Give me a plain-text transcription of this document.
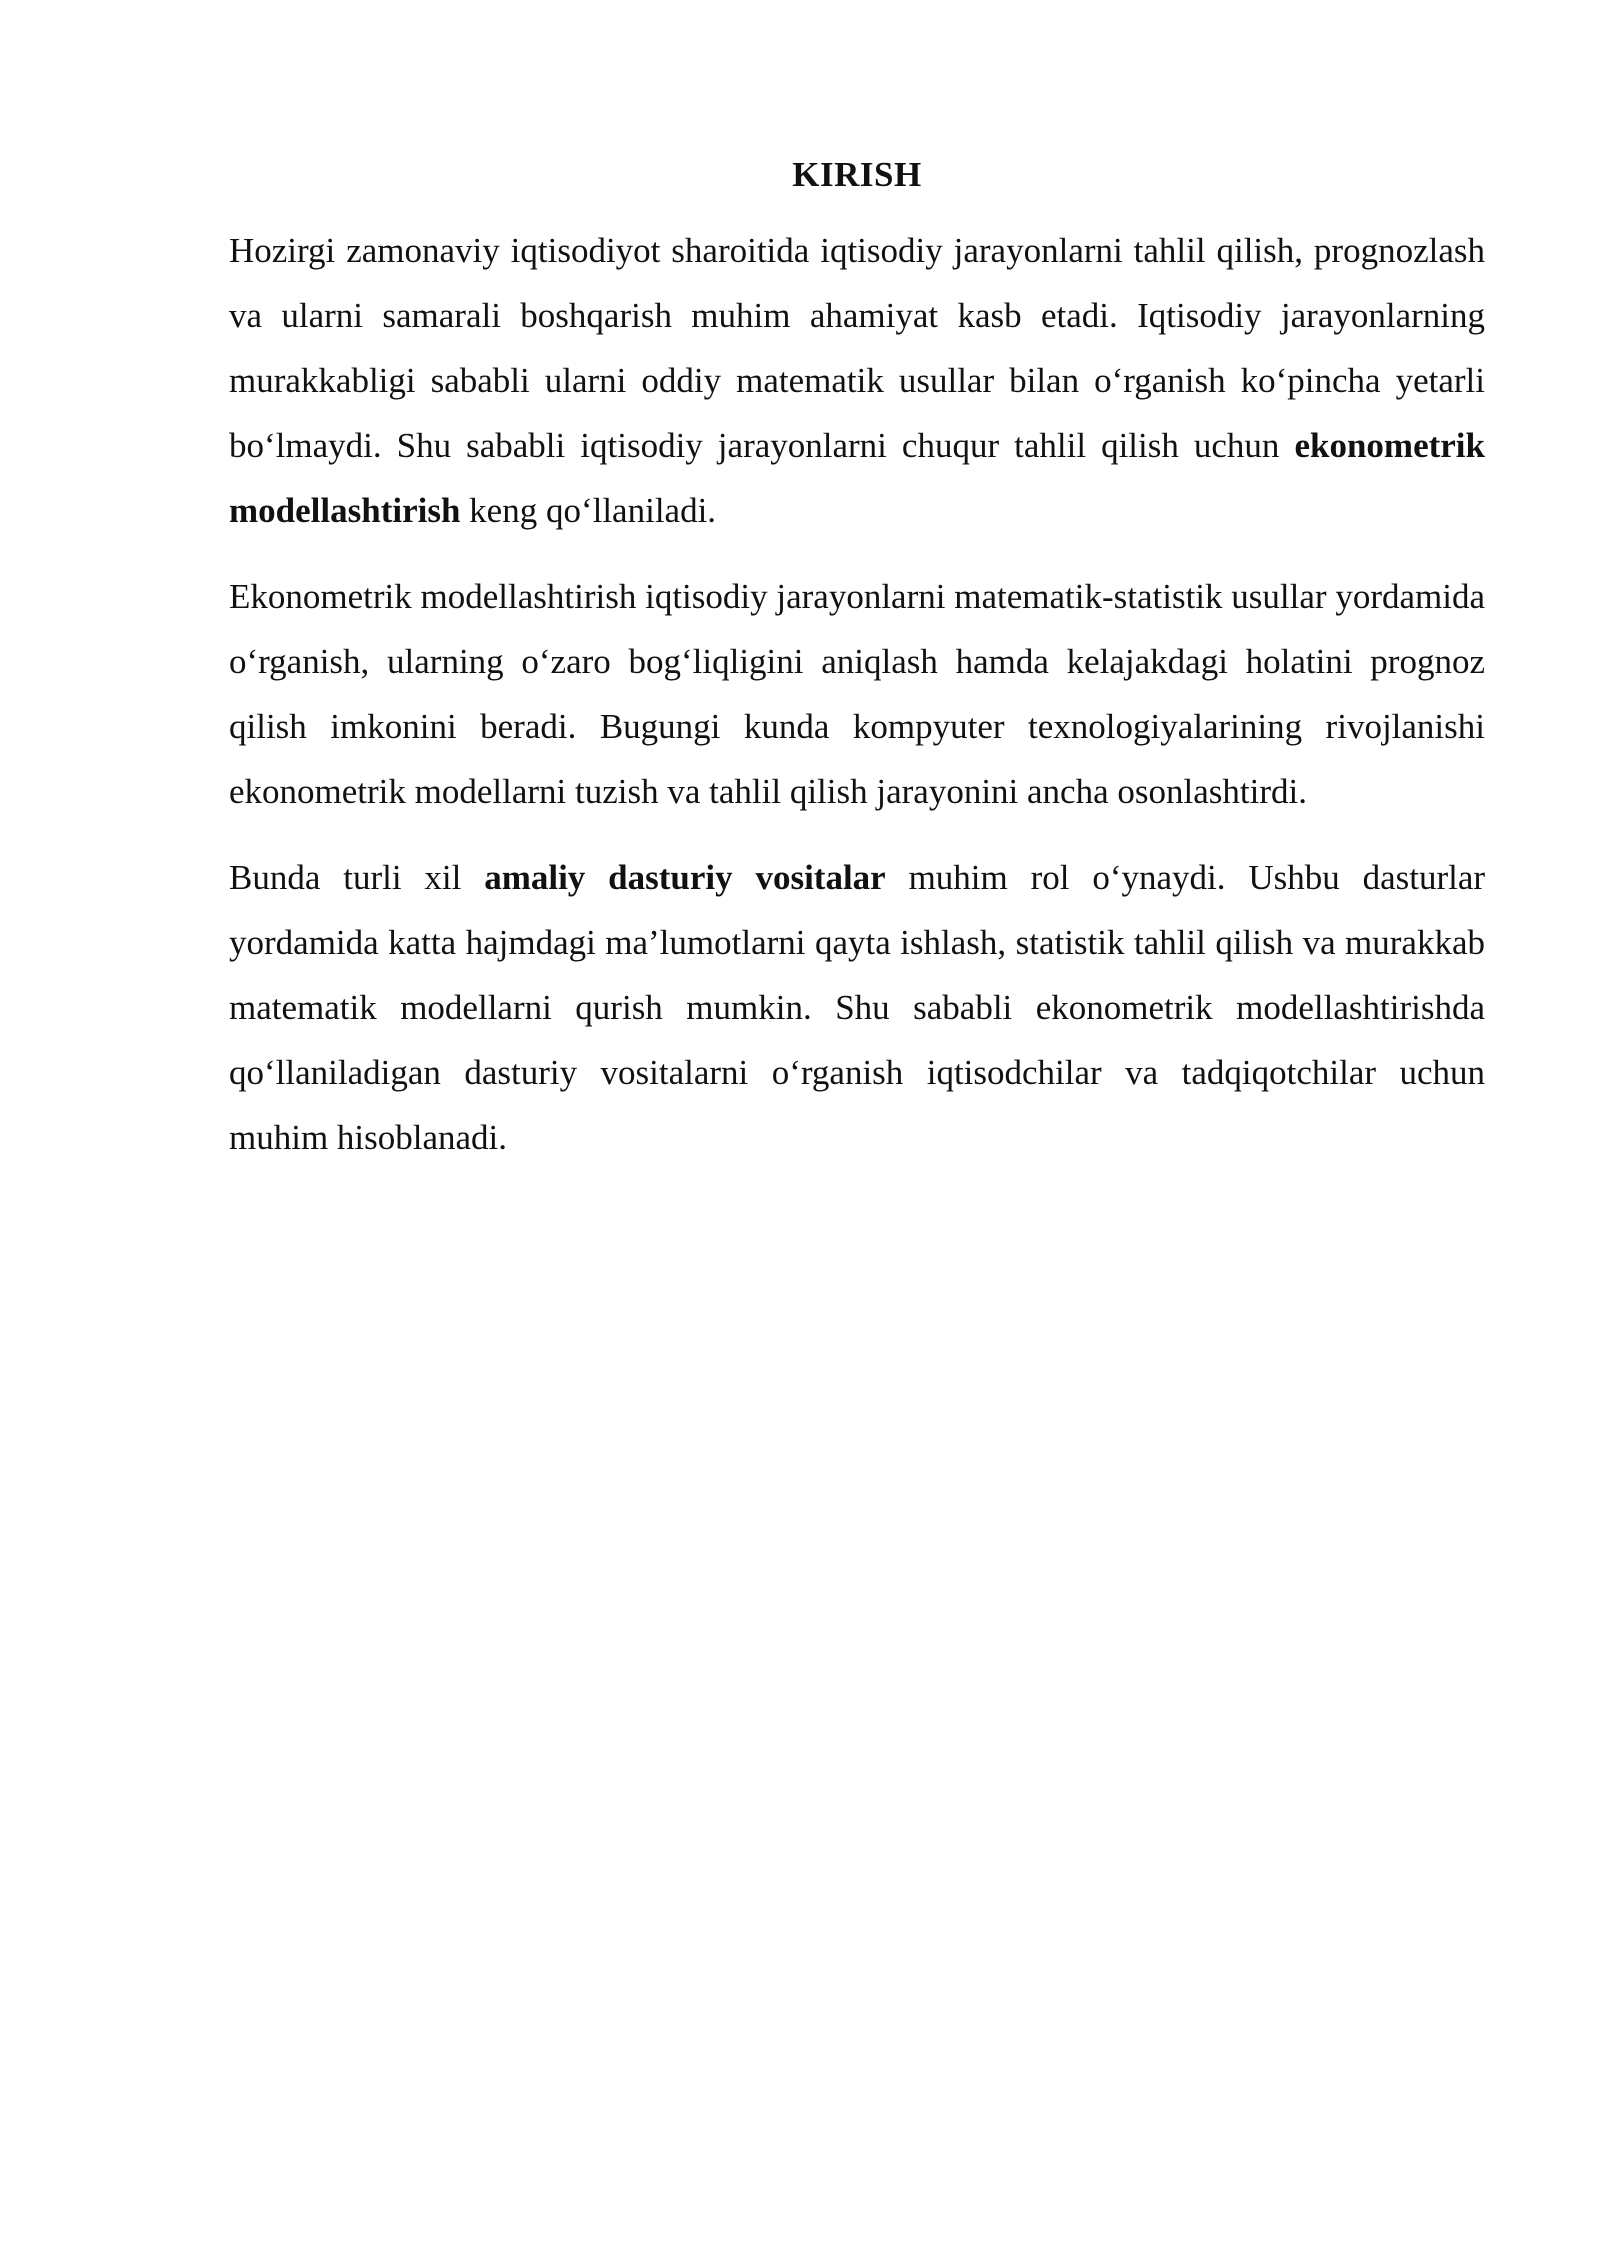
KIRISH

Hozirgi zamonaviy iqtisodiyot sharoitida iqtisodiy jarayonlarni tahlil qilish, prognozlash va ularni samarali boshqarish muhim ahamiyat kasb etadi. Iqtisodiy jarayonlarning murakkabligi sababli ularni oddiy matematik usullar bilan o‘rganish ko‘pincha yetarli bo‘lmaydi. Shu sababli iqtisodiy jarayonlarni chuqur tahlil qilish uchun ekonometrik modellashtirish keng qo‘llaniladi.

Ekonometrik modellashtirish iqtisodiy jarayonlarni matematik-statistik usullar yordamida o‘rganish, ularning o‘zaro bog‘liqligini aniqlash hamda kelajakdagi holatini prognoz qilish imkonini beradi. Bugungi kunda kompyuter texnologiyalarining rivojlanishi ekonometrik modellarni tuzish va tahlil qilish jarayonini ancha osonlashtirdi.

Bunda turli xil amaliy dasturiy vositalar muhim rol o‘ynaydi. Ushbu dasturlar yordamida katta hajmdagi ma’lumotlarni qayta ishlash, statistik tahlil qilish va murakkab matematik modellarni qurish mumkin. Shu sababli ekonometrik modellashtirishda qo‘llaniladigan dasturiy vositalarni o‘rganish iqtisodchilar va tadqiqotchilar uchun muhim hisoblanadi.
